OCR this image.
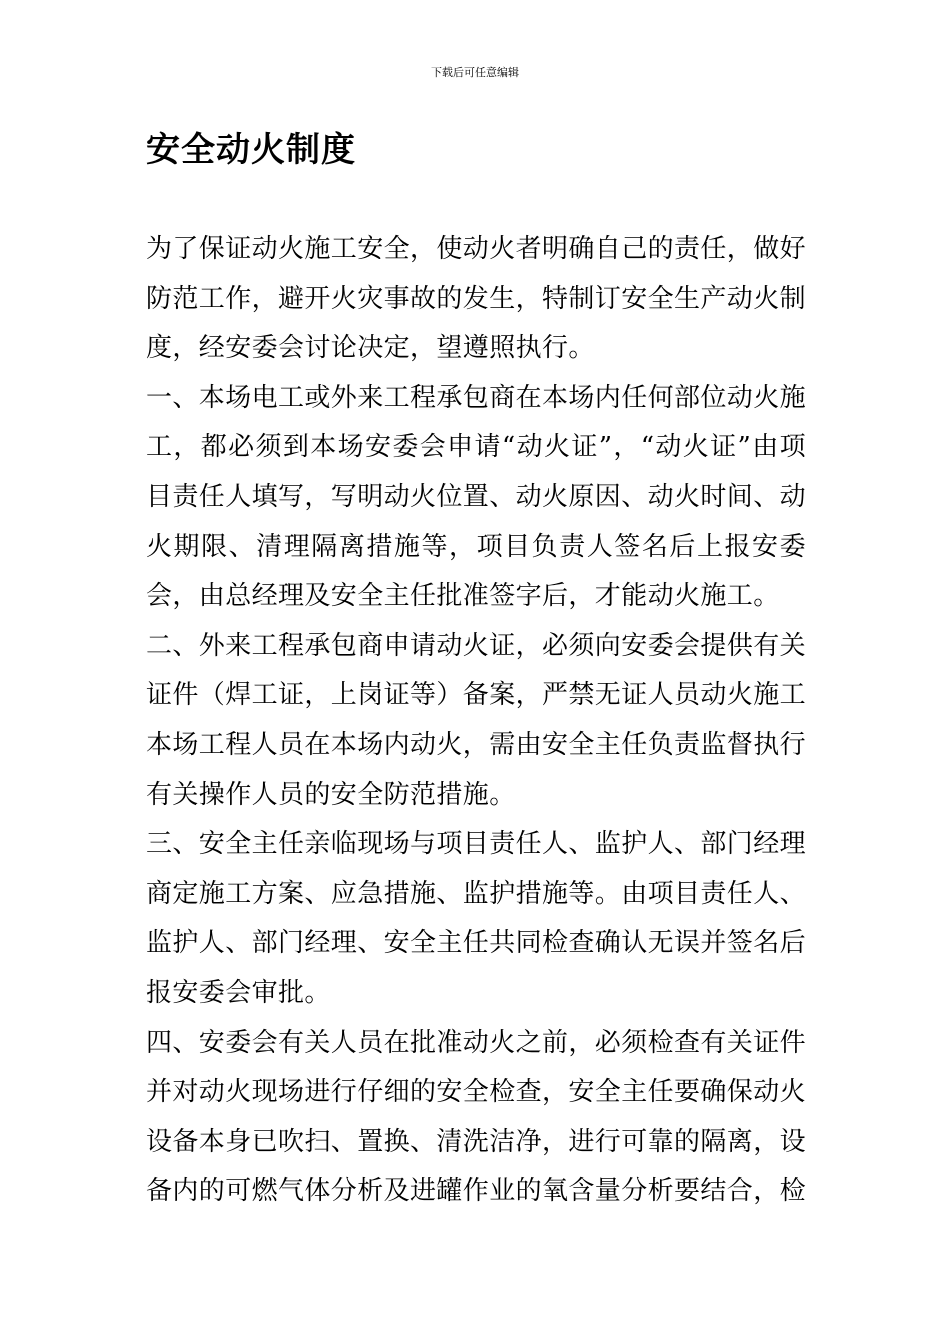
下载后可任意编辑
安全动火制度

为了保证动火施工安全，使动火者明确自己的责任，做好防范工作，避开火灾事故的发生，特制订安全生产动火制度，经安委会讨论决定，望遵照执行。

一、本场电工或外来工程承包商在本场内任何部位动火施工，都必须到本场安委会申请“动火证”，“动火证”由项目责任人填写，写明动火位置、动火原因、动火时间、动火期限、清理隔离措施等，项目负责人签名后上报安委会，由总经理及安全主任批准签字后，才能动火施工。

二、外来工程承包商申请动火证，必须向安委会提供有关证件（焊工证，上岗证等）备案，严禁无证人员动火施工本场工程人员在本场内动火，需由安全主任负责监督执行有关操作人员的安全防范措施。

三、安全主任亲临现场与项目责任人、监护人、部门经理商定施工方案、应急措施、监护措施等。由项目责任人、监护人、部门经理、安全主任共同检查确认无误并签名后报安委会审批。

四、安委会有关人员在批准动火之前，必须检查有关证件并对动火现场进行仔细的安全检查，安全主任要确保动火设备本身已吹扫、置换、清洗洁净，进行可靠的隔离，设备内的可燃气体分析及进罐作业的氧含量分析要结合，检
